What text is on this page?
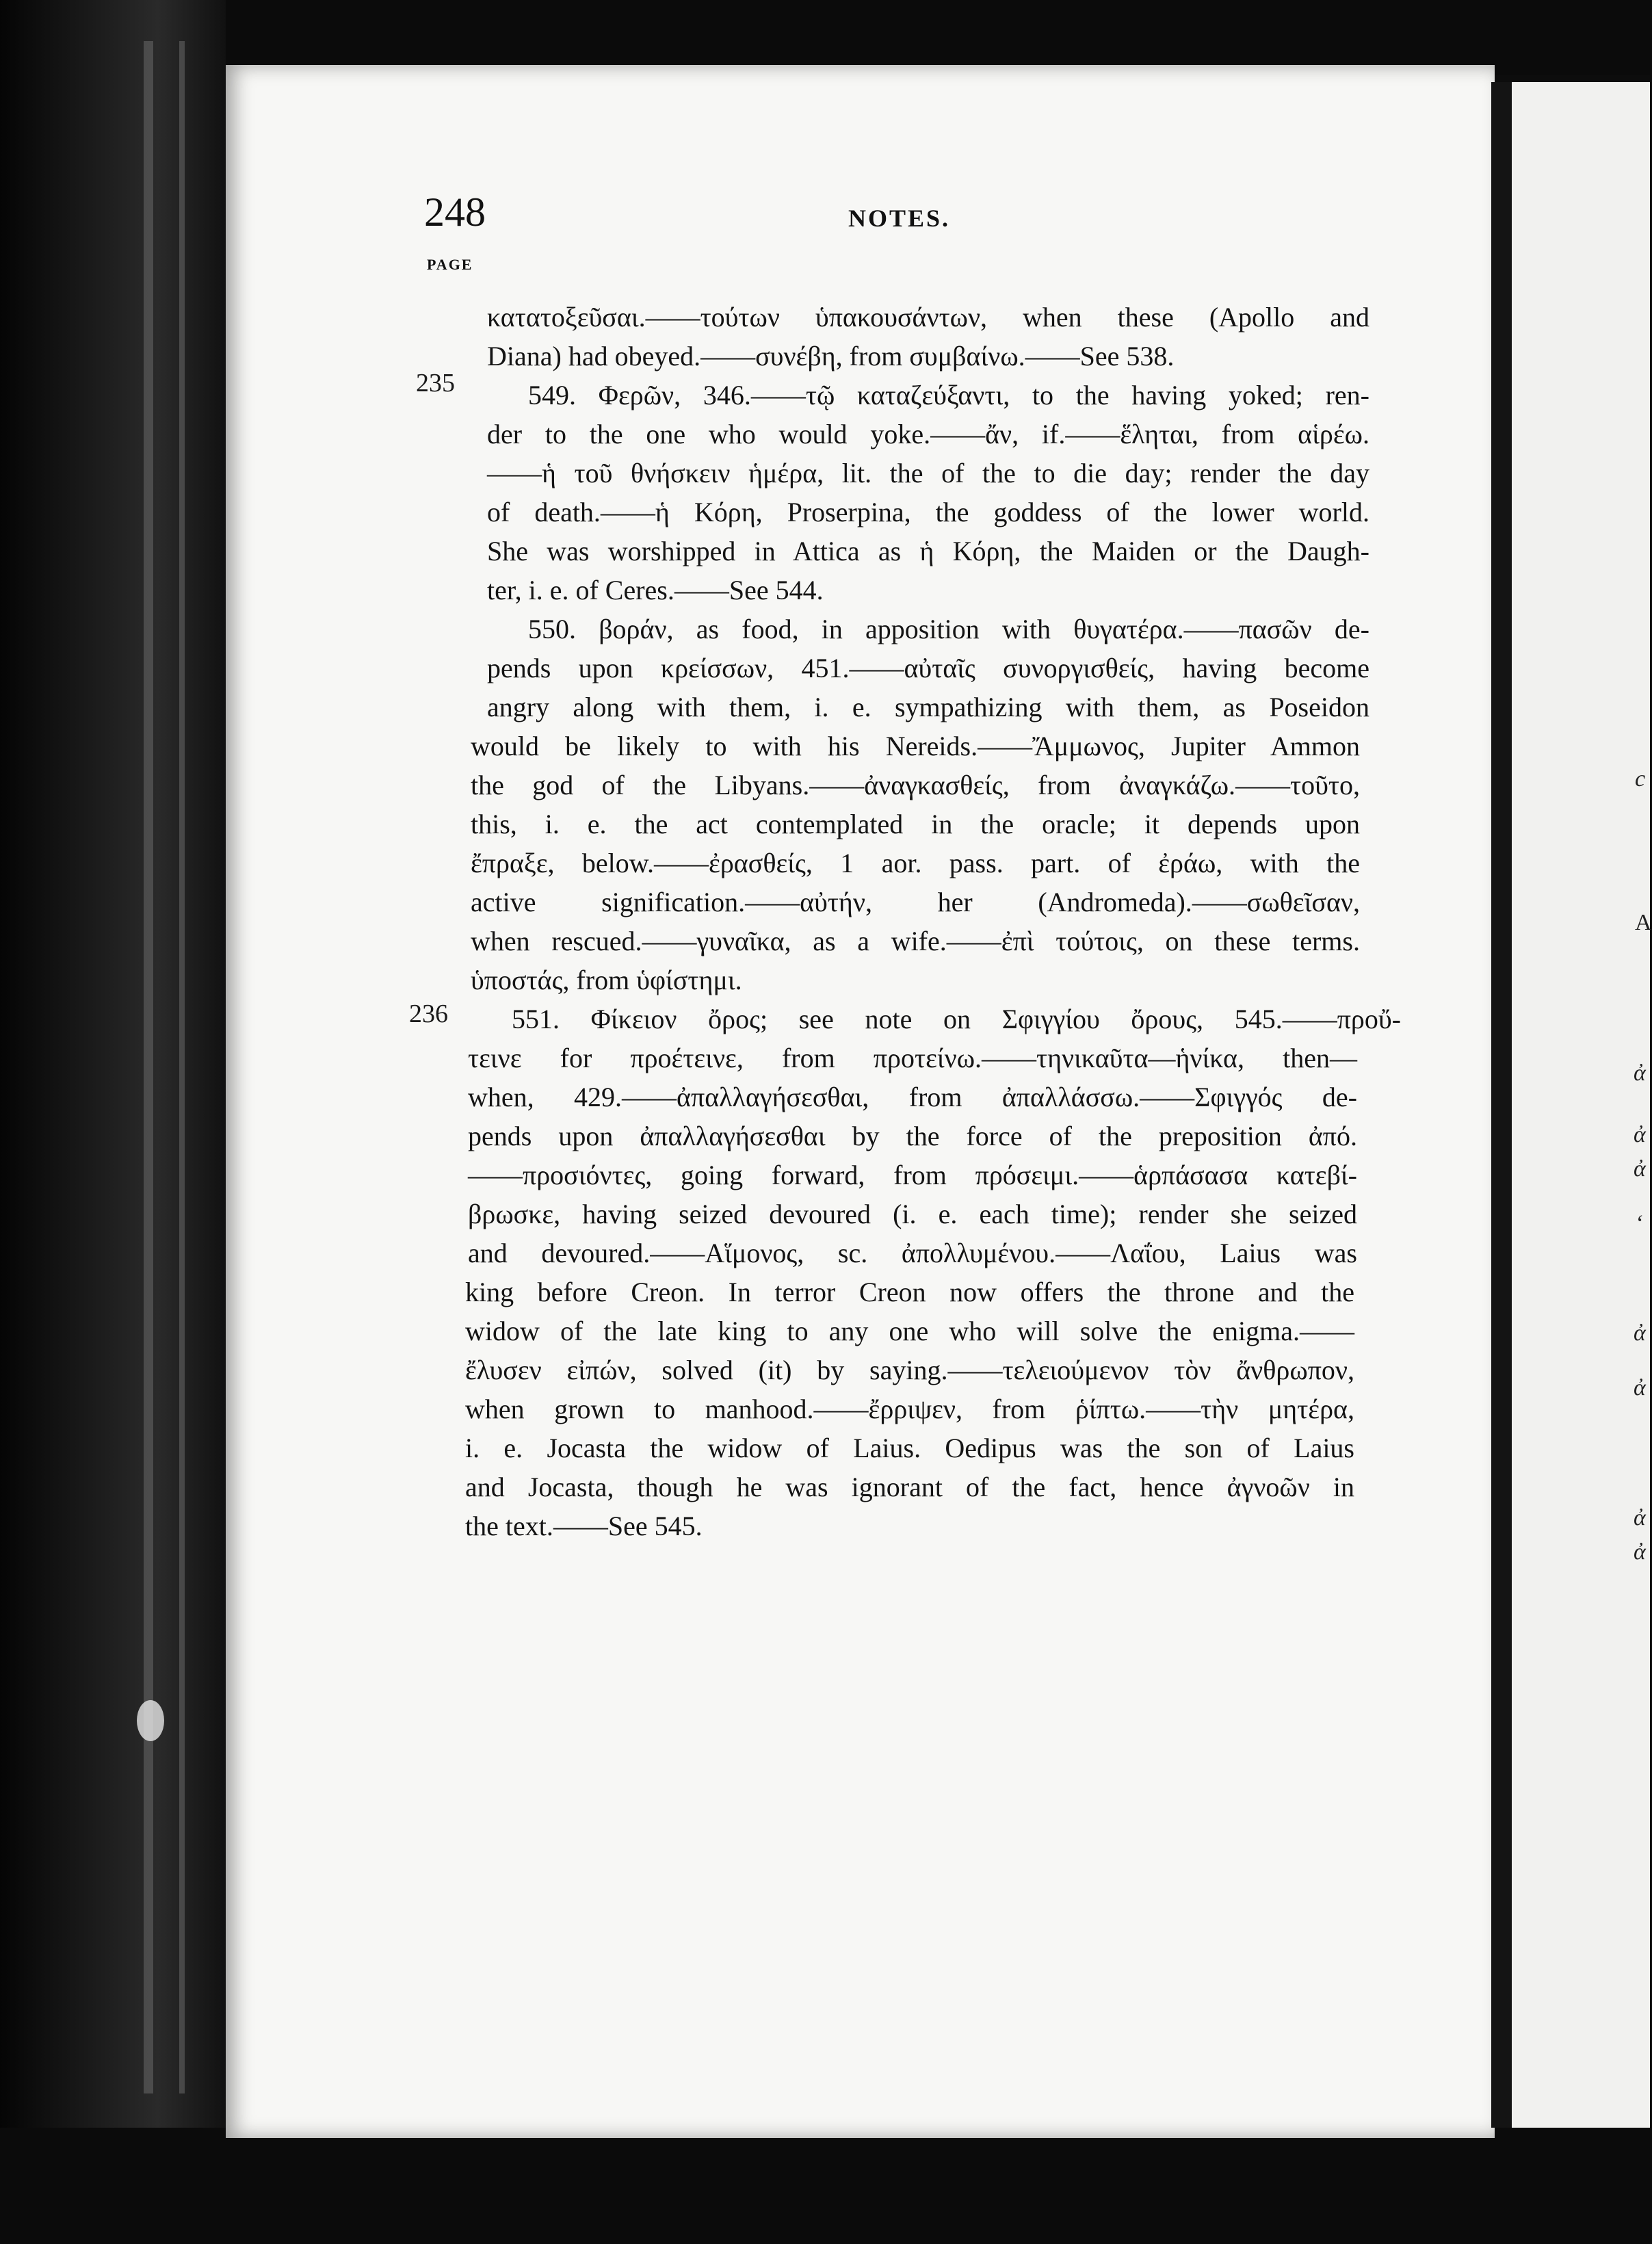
c
A
ἀ
ἀ
ἀ
ʻ
ἀ
ἀ
ἀ
ἀ
248	NOTES.
PAGE
235
236
κατατοξεῦσαι.——τούτων ὑπακουσάντων, when these (Apollo and
Diana) had obeyed.——συνέβη, from συμβαίνω.——See 538.
549. Φερῶν, 346.——τῷ καταζεύξαντι, to the having yoked; ren-
der to the one who would yoke.——ἄν, if.——ἕληται, from αἱρέω.
——ἡ τοῦ θνήσκειν ἡμέρα, lit. the of the to die day; render the day
of death.——ἡ Κόρη, Proserpina, the goddess of the lower world.
She was worshipped in Attica as ἡ Κόρη, the Maiden or the Daugh-
ter, i. e. of Ceres.——See 544.
550. βοράν, as food, in apposition with θυγατέρα.——πασῶν de-
pends upon κρείσσων, 451.——αὐταῖς συνοργισθείς, having become
angry along with them, i. e. sympathizing with them, as Poseidon
would be likely to with his Nereids.——Ἄμμωνος, Jupiter Ammon
the god of the Libyans.——ἀναγκασθείς, from ἀναγκάζω.——τοῦτο,
this, i. e. the act contemplated in the oracle; it depends upon
ἔπραξε, below.——ἐρασθείς, 1 aor. pass. part. of ἐράω, with the
active signification.——αὐτήν, her (Andromeda).——σωθεῖσαν,
when rescued.——γυναῖκα, as a wife.——ἐπὶ τούτοις, on these terms.
ὑποστάς, from ὑφίστημι.
551. Φίκειον ὄρος; see note on Σφιγγίου ὄρους, 545.——προὔ-
τεινε for προέτεινε, from προτείνω.——τηνικαῦτα—ἡνίκα, then—
when, 429.——ἀπαλλαγήσεσθαι, from ἀπαλλάσσω.——Σφιγγός de-
pends upon ἀπαλλαγήσεσθαι by the force of the preposition ἀπό.
——προσιόντες, going forward, from πρόσειμι.——ἁρπάσασα κατεβί-
βρωσκε, having seized devoured (i. e. each time); render she seized
and devoured.——Αἵμονος, sc. ἀπολλυμένου.——Λαΐου, Laius was
king before Creon. In terror Creon now offers the throne and the
widow of the late king to any one who will solve the enigma.——
ἔλυσεν εἰπών, solved (it) by saying.——τελειούμενον τὸν ἄνθρωπον,
when grown to manhood.——ἔρριψεν, from ῥίπτω.——τὴν μητέρα,
i. e. Jocasta the widow of Laius. Oedipus was the son of Laius
and Jocasta, though he was ignorant of the fact, hence ἀγνοῶν in
the text.——See 545.
